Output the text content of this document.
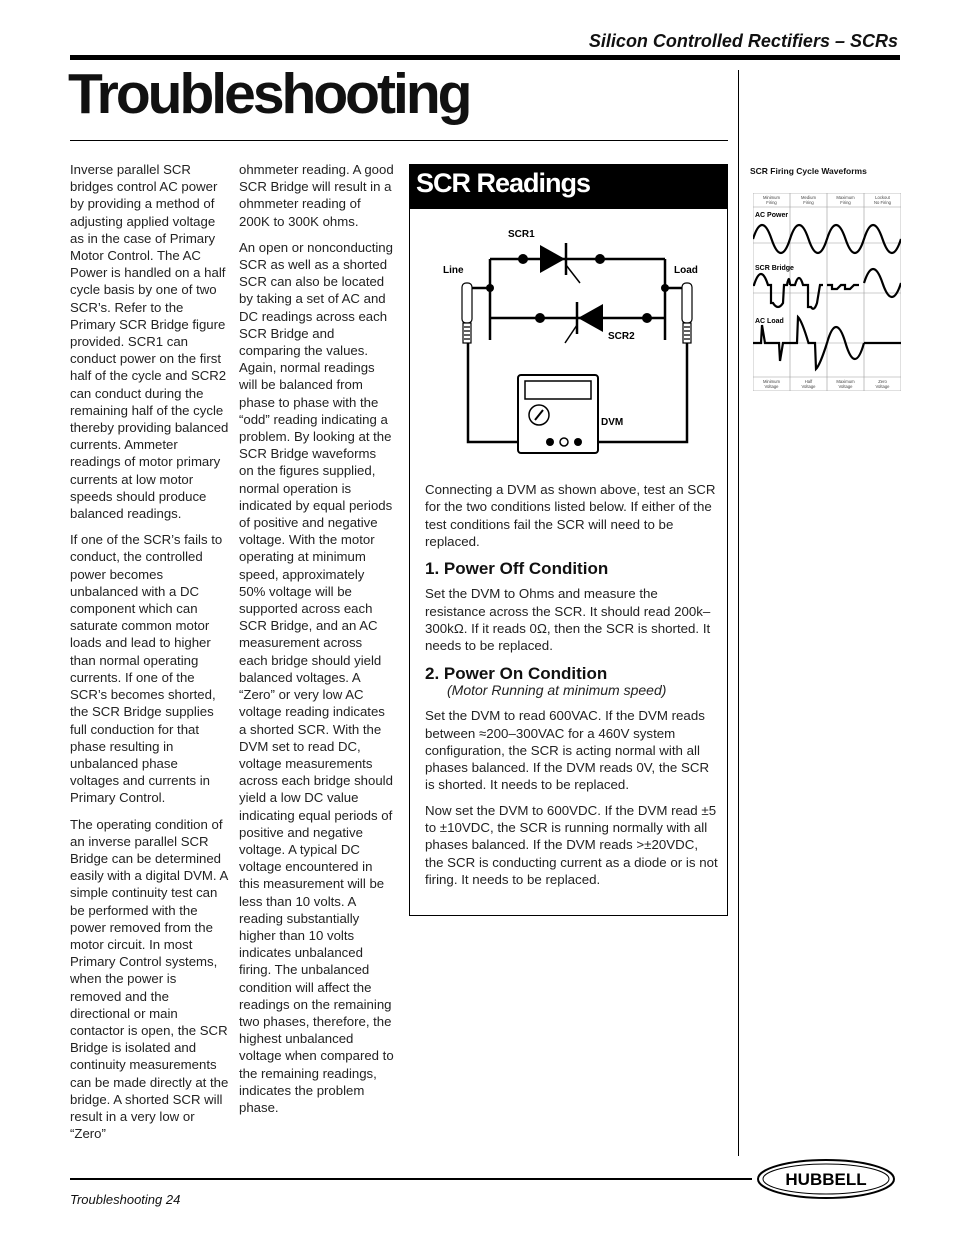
Silicon Controlled Rectifiers – SCRs
Troubleshooting

Inverse parallel SCR bridges control AC power by providing a method of adjusting applied voltage as in the case of Primary Motor Control. The AC Power is handled on a half cycle basis by one of two SCR’s. Refer to the Primary SCR Bridge figure provided. SCR1 can conduct power on the first half of the cycle and SCR2 can conduct during the remaining half of the cycle thereby providing balanced currents. Ammeter readings of motor primary currents at low motor speeds should produce balanced readings.

If one of the SCR’s fails to conduct, the controlled power becomes unbalanced with a DC component which can saturate common motor loads and lead to higher than normal operating currents. If one of the SCR’s becomes shorted, the SCR Bridge supplies full conduction for that phase resulting in unbalanced phase voltages and currents in Primary Control.

The operating condition of an inverse parallel SCR Bridge can be determined easily with a digital DVM. A simple continuity test can be performed with the power removed from the motor circuit. In most Primary Control systems, when the power is removed and the directional or main contactor is open, the SCR Bridge is isolated and continuity measurements can be made directly at the bridge. A shorted SCR will result in a very low or “Zero”

ohmmeter reading. A good SCR Bridge will result in a ohmmeter reading of 200K to 300K ohms.

An open or nonconducting SCR as well as a shorted SCR can also be located by taking a set of AC and DC readings across each SCR Bridge and comparing the values. Again, normal readings will be balanced from phase to phase with the “odd” reading indicating a problem. By looking at the SCR Bridge waveforms on the figures supplied, normal operation is indicated by equal periods of positive and negative voltage. With the motor operating at minimum speed, approximately 50% voltage will be supported across each SCR Bridge, and an AC measurement across each bridge should yield balanced voltages. A “Zero” or very low AC voltage reading indicates a shorted SCR. With the DVM set to read DC, voltage measurements across each bridge should yield a low DC value indicating equal periods of positive and negative voltage. A typical DC voltage encountered in this measurement will be less than 10 volts. A reading substantially higher than 10 volts indicates unbalanced firing. The unbalanced condition will affect the readings on the remaining two phases, therefore, the highest unbalanced voltage when compared to the remaining readings, indicates the problem phase.

SCR Readings
SCR1
SCR2
Line	Load
DVM

Connecting a DVM as shown above, test an SCR for the two conditions listed below. If either of the test conditions fail the SCR will need to be replaced.

1. Power Off Condition

Set the DVM to Ohms and measure the resistance across the SCR. It should read 200k–300kΩ. If it reads 0Ω, then the SCR is shorted. It needs to be replaced.

2. Power On Condition
(Motor Running at minimum speed)

Set the DVM to read 600VAC. If the DVM reads between ≈200–300VAC for a 460V system configuration, the SCR is acting normal with all phases balanced. If the DVM reads 0V, the SCR is shorted. It needs to be replaced.

Now set the DVM to 600VDC. If the DVM read ±5 to ±10VDC, the SCR is running normally with all phases balanced. If the DVM reads >±20VDC, the SCR is conducting current as a diode or is not firing. It needs to be replaced.

SCR Firing Cycle Waveforms
Minimum
Firing
Medium
Firing
Maximum
Firing
Lockout
No Firing
Minimum
Voltage
Half
Voltage
Maximum
Voltage
Zero
Voltage
AC Power
SCR Bridge
AC Load
Troubleshooting 24
HUBBELL
